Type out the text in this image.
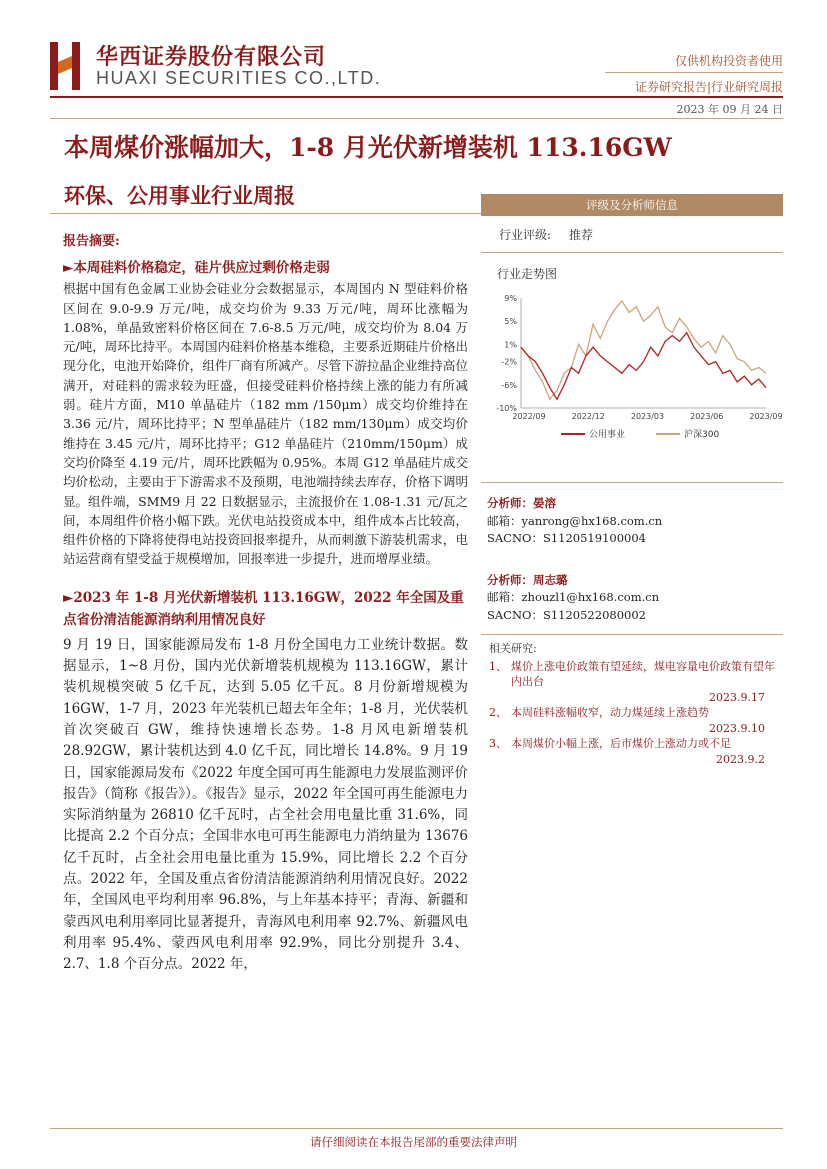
华西证券股份有限公司
HUAXI SECURITIES CO.,LTD.
仅供机构投资者使用
证券研究报告|行业研究周报
2023 年 09 月 24 日
本周煤价涨幅加大，1-8 月光伏新增装机 113.16GW
环保、公用事业行业周报
报告摘要:
►本周硅料价格稳定，硅片供应过剩价格走弱
根据中国有色金属工业协会硅业分会数据显示，本周国内 N 型硅料价格区间在 9.0-9.9 万元/吨，成交均价为 9.33 万元/吨，周环比涨幅为 1.08%，单晶致密料价格区间在 7.6-8.5 万元/吨，成交均价为 8.04 万元/吨，周环比持平。本周国内硅料价格基本维稳，主要系近期硅片价格出现分化，电池开始降价，组件厂商有所减产。尽管下游拉晶企业维持高位满开，对硅料的需求较为旺盛，但接受硅料价格持续上涨的能力有所减弱。硅片方面，M10 单晶硅片（182 mm /150μm）成交均价维持在 3.36 元/片，周环比持平；N 型单晶硅片（182 mm/130μm）成交均价维持在 3.45 元/片，周环比持平；G12 单晶硅片（210mm/150μm）成交均价降至 4.19 元/片，周环比跌幅为 0.95%。本周 G12 单晶硅片成交均价松动，主要由于下游需求不及预期，电池端持续去库存，价格下调明显。组件端，SMM9 月 22 日数据显示，主流报价在 1.08-1.31 元/瓦之间，本周组件价格小幅下跌。光伏电站投资成本中，组件成本占比较高，组件价格的下降将使得电站投资回报率提升，从而刺激下游装机需求，电站运营商有望受益于规模增加，回报率进一步提升，进而增厚业绩。
►2023 年 1-8 月光伏新增装机 113.16GW，2022 年全国及重点省份清洁能源消纳利用情况良好
9 月 19 日，国家能源局发布 1-8 月份全国电力工业统计数据。数据显示，1~8 月份，国内光伏新增装机规模为 113.16GW，累计装机规模突破 5 亿千瓦，达到 5.05 亿千瓦。8 月份新增规模为 16GW，1-7 月，2023 年光装机已超去年全年；1-8 月，光伏装机首次突破百 GW，维持快速增长态势。1-8 月风电新增装机 28.92GW，累计装机达到 4.0 亿千瓦，同比增长 14.8%。9 月 19 日，国家能源局发布《2022 年度全国可再生能源电力发展监测评价报告》（简称《报告》）。《报告》显示，2022 年全国可再生能源电力实际消纳量为 26810 亿千瓦时，占全社会用电量比重 31.6%，同比提高 2.2 个百分点；全国非水电可再生能源电力消纳量为 13676 亿千瓦时，占全社会用电量比重为 15.9%，同比增长 2.2 个百分点。2022 年，全国及重点省份清洁能源消纳利用情况良好。2022 年，全国风电平均利用率 96.8%，与上年基本持平；青海、新疆和蒙西风电利用率同比显著提升，青海风电利用率 92.7%、新疆风电利用率 95.4%、蒙西风电利用率 92.9%，同比分别提升 3.4、2.7、1.8 个百分点。2022 年，
评级及分析师信息
行业评级: 推荐
行业走势图
9%
5%
1%
-2%
-6%
-10%
2022/09	2022/12	2023/03	2023/06	2023/09
公用事业	沪深300
分析师：晏溶
邮箱：yanrong@hx168.com.cn
SACNO：S1120519100004
分析师：周志璐
邮箱：zhouzl1@hx168.com.cn
SACNO：S1120522080002
相关研究:
1、 煤价上涨电价政策有望延续，煤电容量电价政策有望年内出台
2023.9.17
2、 本周硅料涨幅收窄，动力煤延续上涨趋势
2023.9.10
3、 本周煤价小幅上涨，后市煤价上涨动力或不足
2023.9.2
请仔细阅读在本报告尾部的重要法律声明
